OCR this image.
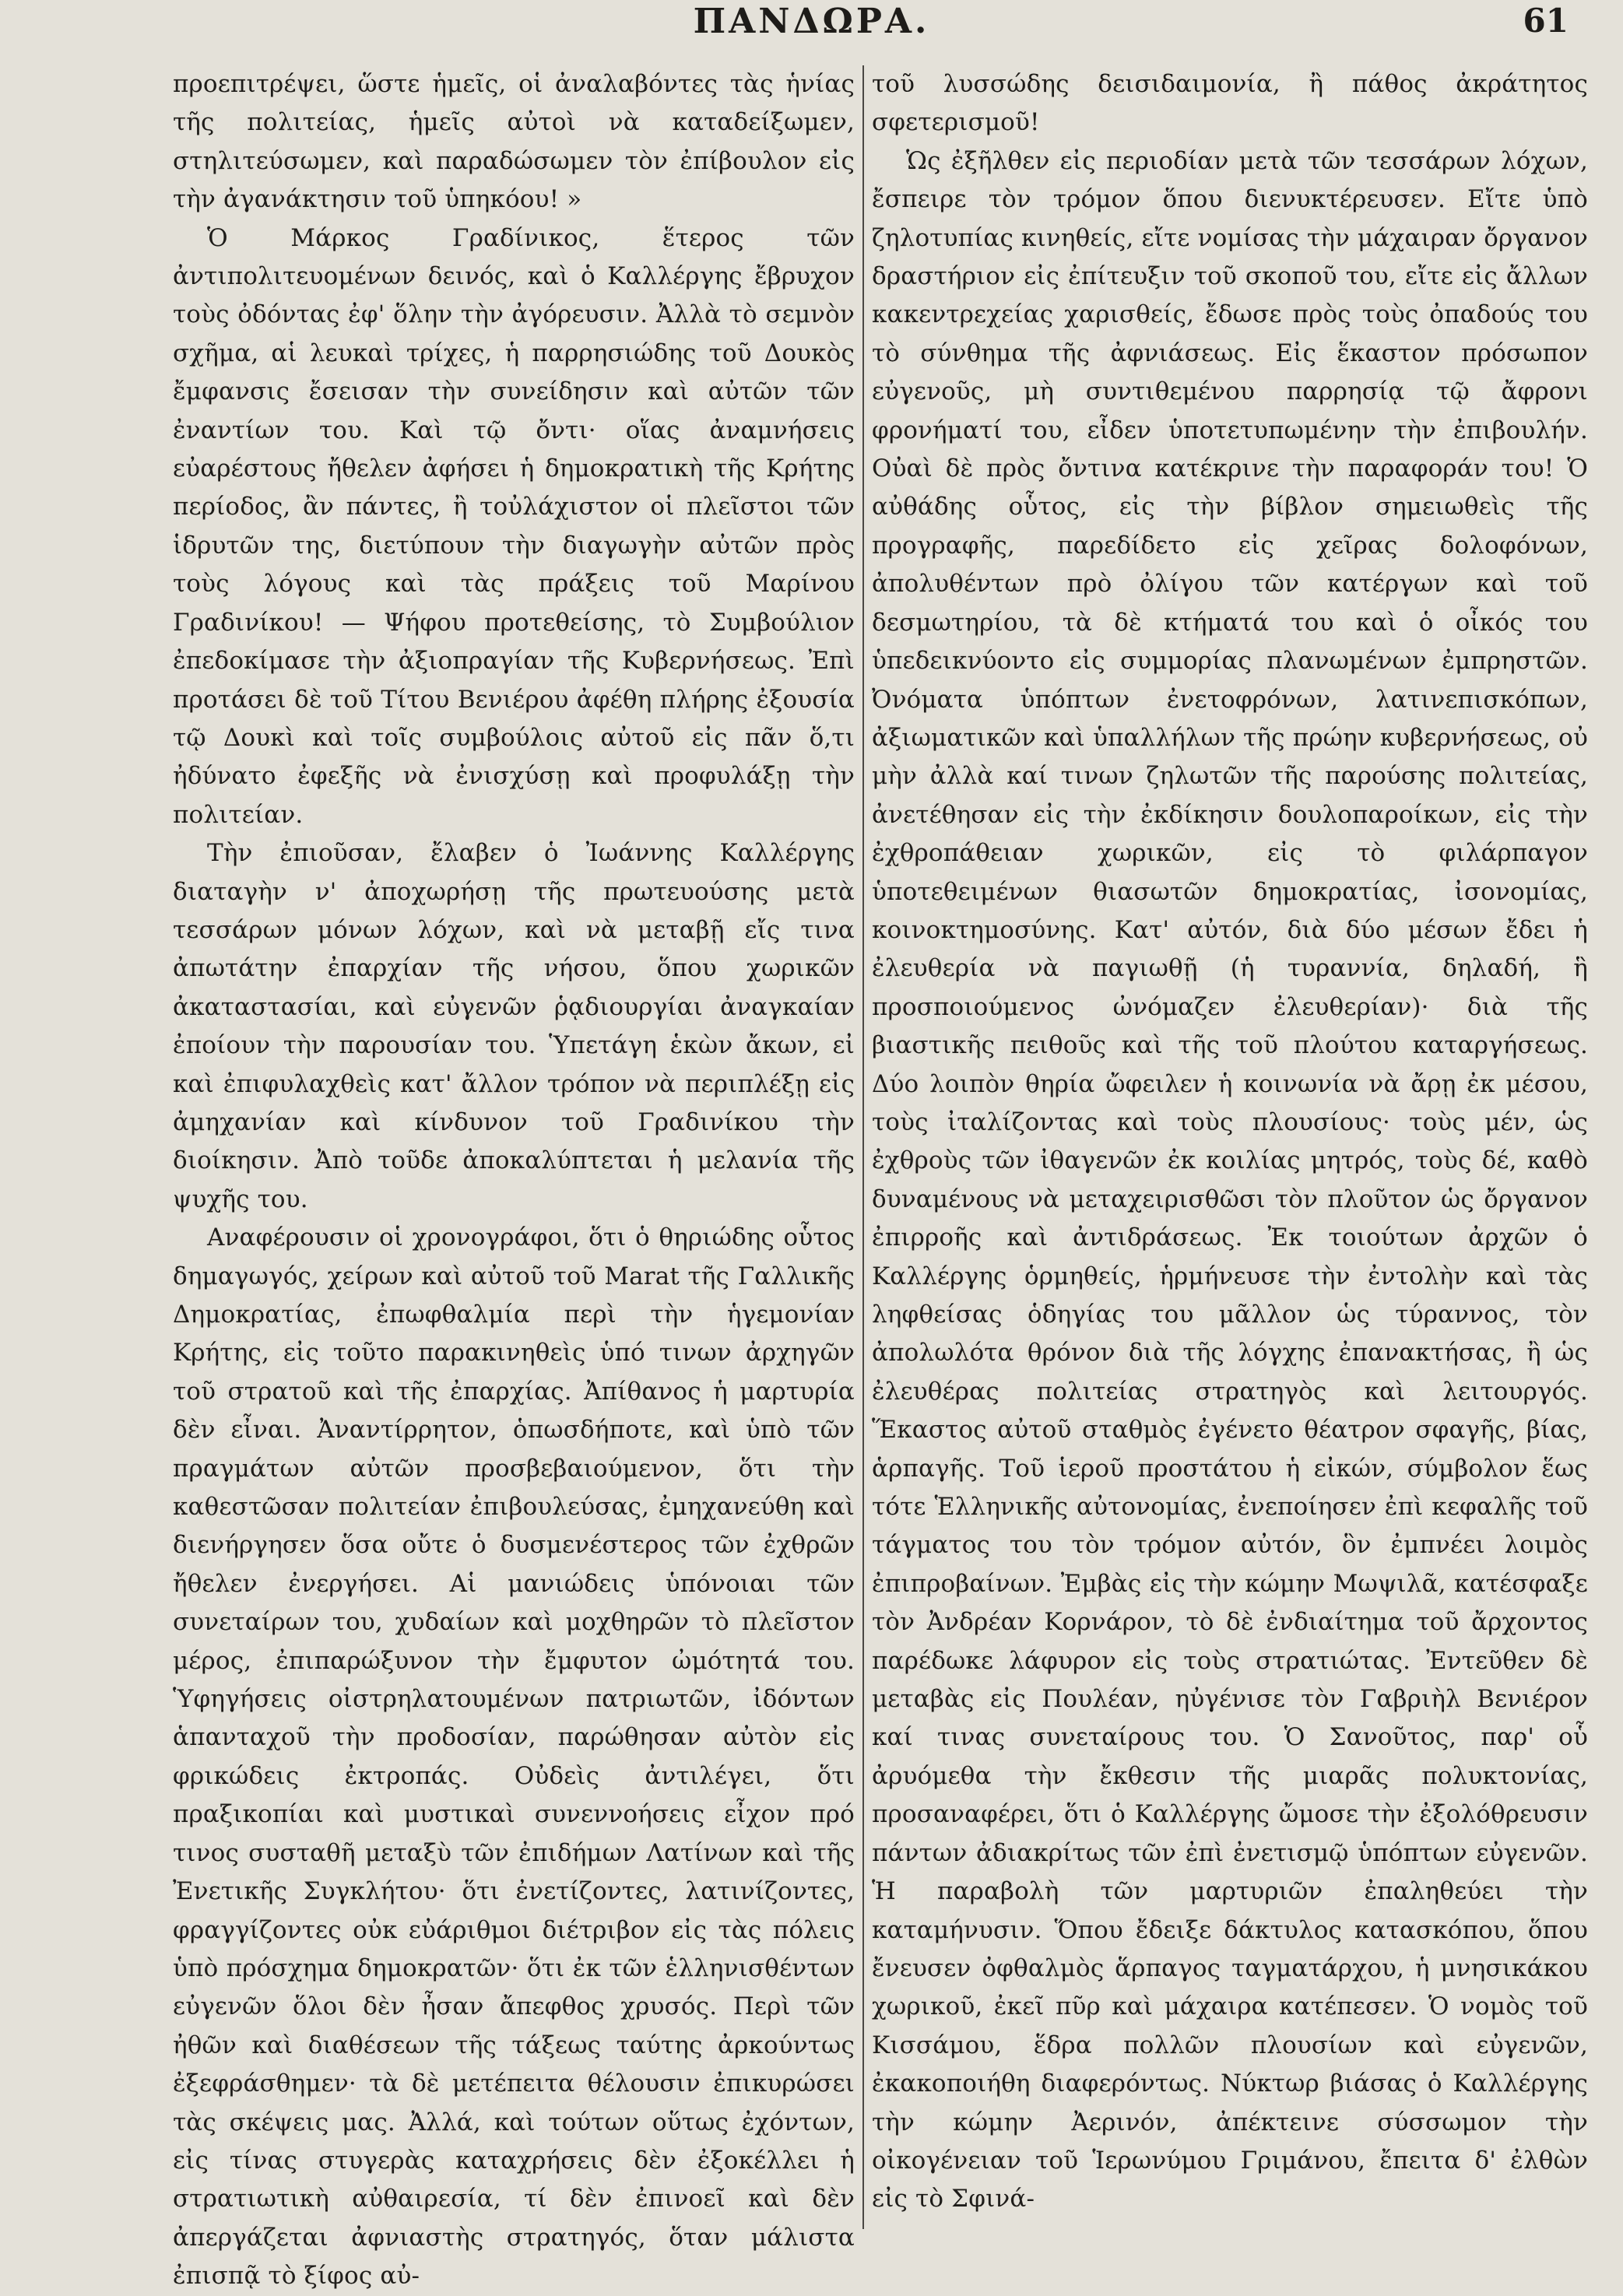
ΠΑΝΔΩΡΑ.	61

προεπιτρέψει, ὥστε ἡμεῖς, οἱ ἀναλαβόντες τὰς ἡνίας τῆς πολιτείας, ἡμεῖς αὐτοὶ νὰ καταδείξωμεν, στηλιτεύσωμεν, καὶ παραδώσωμεν τὸν ἐπίβουλον εἰς τὴν ἀγανάκτησιν τοῦ ὑπηκόου! »

Ὁ Μάρκος Γραδίνικος, ἕτερος τῶν ἀντιπολιτευομένων δεινός, καὶ ὁ Καλλέργης ἔβρυχον τοὺς ὀδόντας ἐφ' ὅλην τὴν ἀγόρευσιν. Ἀλλὰ τὸ σεμνὸν σχῆμα, αἱ λευκαὶ τρίχες, ἡ παρρησιώδης τοῦ Δουκὸς ἔμφανσις ἔσεισαν τὴν συνείδησιν καὶ αὐτῶν τῶν ἐναντίων του. Καὶ τῷ ὄντι· οἵας ἀναμνήσεις εὐαρέστους ἤθελεν ἀφήσει ἡ δημοκρατικὴ τῆς Κρήτης περίοδος, ἂν πάντες, ἢ τοὐλάχιστον οἱ πλεῖστοι τῶν ἱδρυτῶν της, διετύπουν τὴν διαγωγὴν αὐτῶν πρὸς τοὺς λόγους καὶ τὰς πράξεις τοῦ Μαρίνου Γραδινίκου! — Ψήφου προτεθείσης, τὸ Συμβούλιον ἐπεδοκίμασε τὴν ἀξιοπραγίαν τῆς Κυβερνήσεως. Ἐπὶ προτάσει δὲ τοῦ Τίτου Βενιέρου ἀφέθη πλήρης ἐξουσία τῷ Δουκὶ καὶ τοῖς συμβούλοις αὐτοῦ εἰς πᾶν ὅ,τι ἠδύνατο ἐφεξῆς νὰ ἐνισχύσῃ καὶ προφυλάξῃ τὴν πολιτείαν.

Τὴν ἐπιοῦσαν, ἔλαβεν ὁ Ἰωάννης Καλλέργης διαταγὴν ν' ἀποχωρήσῃ τῆς πρωτευούσης μετὰ τεσσάρων μόνων λόχων, καὶ νὰ μεταβῇ εἴς τινα ἀπωτάτην ἐπαρχίαν τῆς νήσου, ὅπου χωρικῶν ἀκαταστασίαι, καὶ εὐγενῶν ῥᾳδιουργίαι ἀναγκαίαν ἐποίουν τὴν παρουσίαν του. Ὑπετάγη ἑκὼν ἄκων, εἰ καὶ ἐπιφυλαχθεὶς κατ' ἄλλον τρόπον νὰ περιπλέξῃ εἰς ἀμηχανίαν καὶ κίνδυνον τοῦ Γραδινίκου τὴν διοίκησιν. Ἀπὸ τοῦδε ἀποκαλύπτεται ἡ μελανία τῆς ψυχῆς του.

Αναφέρουσιν οἱ χρονογράφοι, ὅτι ὁ θηριώδης οὗτος δημαγωγός, χείρων καὶ αὐτοῦ τοῦ Marat τῆς Γαλλικῆς Δημοκρατίας, ἐπωφθαλμία περὶ τὴν ἡγεμονίαν Κρήτης, εἰς τοῦτο παρακινηθεὶς ὑπό τινων ἀρχηγῶν τοῦ στρατοῦ καὶ τῆς ἐπαρχίας. Ἀπίθανος ἡ μαρτυρία δὲν εἶναι. Ἀναντίρρητον, ὁπωσδήποτε, καὶ ὑπὸ τῶν πραγμάτων αὐτῶν προσβεβαιούμενον, ὅτι τὴν καθεστῶσαν πολιτείαν ἐπιβουλεύσας, ἐμηχανεύθη καὶ διενήργησεν ὅσα οὔτε ὁ δυσμενέστερος τῶν ἐχθρῶν ἤθελεν ἐνεργήσει. Αἱ μανιώδεις ὑπόνοιαι τῶν συνεταίρων του, χυδαίων καὶ μοχθηρῶν τὸ πλεῖστον μέρος, ἐπιπαρώξυνον τὴν ἔμφυτον ὠμότητά του. Ὑφηγήσεις οἰστρηλατουμένων πατριωτῶν, ἰδόντων ἁπανταχοῦ τὴν προδοσίαν, παρώθησαν αὐτὸν εἰς φρικώδεις ἐκτροπάς. Οὐδεὶς ἀντιλέγει, ὅτι πραξικοπίαι καὶ μυστικαὶ συνεννοήσεις εἶχον πρό τινος συσταθῆ μεταξὺ τῶν ἐπιδήμων Λατίνων καὶ τῆς Ἐνετικῆς Συγκλήτου· ὅτι ἐνετίζοντες, λατινίζοντες, φραγγίζοντες οὐκ εὐάριθμοι διέτριβον εἰς τὰς πόλεις ὑπὸ πρόσχημα δημοκρατῶν· ὅτι ἐκ τῶν ἑλληνισθέντων εὐγενῶν ὅλοι δὲν ἦσαν ἄπεφθος χρυσός. Περὶ τῶν ἠθῶν καὶ διαθέσεων τῆς τάξεως ταύτης ἀρκούντως ἐξεφράσθημεν· τὰ δὲ μετέπειτα θέλουσιν ἐπικυρώσει τὰς σκέψεις μας. Ἀλλά, καὶ τούτων οὕτως ἐχόντων, εἰς τίνας στυγερὰς καταχρήσεις δὲν ἐξοκέλλει ἡ στρατιωτικὴ αὐθαιρεσία, τί δὲν ἐπινοεῖ καὶ δὲν ἀπεργάζεται ἀφνιαστὴς στρατηγός, ὅταν μάλιστα ἐπισπᾷ τὸ ξίφος αὐ-

τοῦ λυσσώδης δεισιδαιμονία, ἢ πάθος ἀκράτητος σφετερισμοῦ!

Ὡς ἐξῆλθεν εἰς περιοδίαν μετὰ τῶν τεσσάρων λόχων, ἔσπειρε τὸν τρόμον ὅπου διενυκτέρευσεν. Εἴτε ὑπὸ ζηλοτυπίας κινηθείς, εἴτε νομίσας τὴν μάχαιραν ὄργανον δραστήριον εἰς ἐπίτευξιν τοῦ σκοποῦ του, εἴτε εἰς ἄλλων κακεντρεχείας χαρισθείς, ἔδωσε πρὸς τοὺς ὀπαδούς του τὸ σύνθημα τῆς ἀφνιάσεως. Εἰς ἕκαστον πρόσωπον εὐγενοῦς, μὴ συντιθεμένου παρρησίᾳ τῷ ἄφρονι φρονήματί του, εἶδεν ὑποτετυπωμένην τὴν ἐπιβουλήν. Οὐαὶ δὲ πρὸς ὄντινα κατέκρινε τὴν παραφοράν του! Ὁ αὐθάδης οὗτος, εἰς τὴν βίβλον σημειωθεὶς τῆς προγραφῆς, παρεδίδετο εἰς χεῖρας δολοφόνων, ἀπολυθέντων πρὸ ὀλίγου τῶν κατέργων καὶ τοῦ δεσμωτηρίου, τὰ δὲ κτήματά του καὶ ὁ οἶκός του ὑπεδεικνύοντο εἰς συμμορίας πλανωμένων ἐμπρηστῶν. Ὀνόματα ὑπόπτων ἐνετοφρόνων, λατινεπισκόπων, ἀξιωματικῶν καὶ ὑπαλλήλων τῆς πρώην κυβερνήσεως, οὐ μὴν ἀλλὰ καί τινων ζηλωτῶν τῆς παρούσης πολιτείας, ἀνετέθησαν εἰς τὴν ἐκδίκησιν δουλοπαροίκων, εἰς τὴν ἐχθροπάθειαν χωρικῶν, εἰς τὸ φιλάρπαγον ὑποτεθειμένων θιασωτῶν δημοκρατίας, ἰσονομίας, κοινοκτημοσύνης. Κατ' αὐτόν, διὰ δύο μέσων ἔδει ἡ ἐλευθερία νὰ παγιωθῇ (ἡ τυραννία, δηλαδή, ἣ προσποιούμενος ὠνόμαζεν ἐλευθερίαν)· διὰ τῆς βιαστικῆς πειθοῦς καὶ τῆς τοῦ πλούτου καταργήσεως. Δύο λοιπὸν θηρία ὤφειλεν ἡ κοινωνία νὰ ἄρῃ ἐκ μέσου, τοὺς ἰταλίζοντας καὶ τοὺς πλουσίους· τοὺς μέν, ὡς ἐχθροὺς τῶν ἰθαγενῶν ἐκ κοιλίας μητρός, τοὺς δέ, καθὸ δυναμένους νὰ μεταχειρισθῶσι τὸν πλοῦτον ὡς ὄργανον ἐπιρροῆς καὶ ἀντιδράσεως. Ἐκ τοιούτων ἀρχῶν ὁ Καλλέργης ὁρμηθείς, ἡρμήνευσε τὴν ἐντολὴν καὶ τὰς ληφθείσας ὁδηγίας του μᾶλλον ὡς τύραννος, τὸν ἀπολωλότα θρόνον διὰ τῆς λόγχης ἐπανακτήσας, ἢ ὡς ἐλευθέρας πολιτείας στρατηγὸς καὶ λειτουργός. Ἕκαστος αὐτοῦ σταθμὸς ἐγένετο θέατρον σφαγῆς, βίας, ἁρπαγῆς. Τοῦ ἱεροῦ προστάτου ἡ εἰκών, σύμβολον ἕως τότε Ἑλληνικῆς αὐτονομίας, ἐνεποίησεν ἐπὶ κεφαλῆς τοῦ τάγματος του τὸν τρόμον αὐτόν, ὃν ἐμπνέει λοιμὸς ἐπιπροβαίνων. Ἐμβὰς εἰς τὴν κώμην Μωψιλᾶ, κατέσφαξε τὸν Ἀνδρέαν Κορνάρον, τὸ δὲ ἐνδιαίτημα τοῦ ἄρχοντος παρέδωκε λάφυρον εἰς τοὺς στρατιώτας. Ἐντεῦθεν δὲ μεταβὰς εἰς Πουλέαν, ηὐγένισε τὸν Γαβριὴλ Βενιέρον καί τινας συνεταίρους του. Ὁ Σανοῦτος, παρ' οὗ ἀρυόμεθα τὴν ἔκθεσιν τῆς μιαρᾶς πολυκτονίας, προσαναφέρει, ὅτι ὁ Καλλέργης ὤμοσε τὴν ἐξολόθρευσιν πάντων ἀδιακρίτως τῶν ἐπὶ ἐνετισμῷ ὑπόπτων εὐγενῶν. Ἡ παραβολὴ τῶν μαρτυριῶν ἐπαληθεύει τὴν καταμήνυσιν. Ὅπου ἔδειξε δάκτυλος κατασκόπου, ὅπου ἔνευσεν ὀφθαλμὸς ἅρπαγος ταγματάρχου, ἡ μνησικάκου χωρικοῦ, ἐκεῖ πῦρ καὶ μάχαιρα κατέπεσεν. Ὁ νομὸς τοῦ Κισσάμου, ἕδρα πολλῶν πλουσίων καὶ εὐγενῶν, ἐκακοποιήθη διαφερόντως. Νύκτωρ βιάσας ὁ Καλλέργης τὴν κώμην Ἀερινόν, ἀπέκτεινε σύσσωμον τὴν οἰκογένειαν τοῦ Ἱερωνύμου Γριμάνου, ἔπειτα δ' ἐλθὼν εἰς τὸ Σφινά-
